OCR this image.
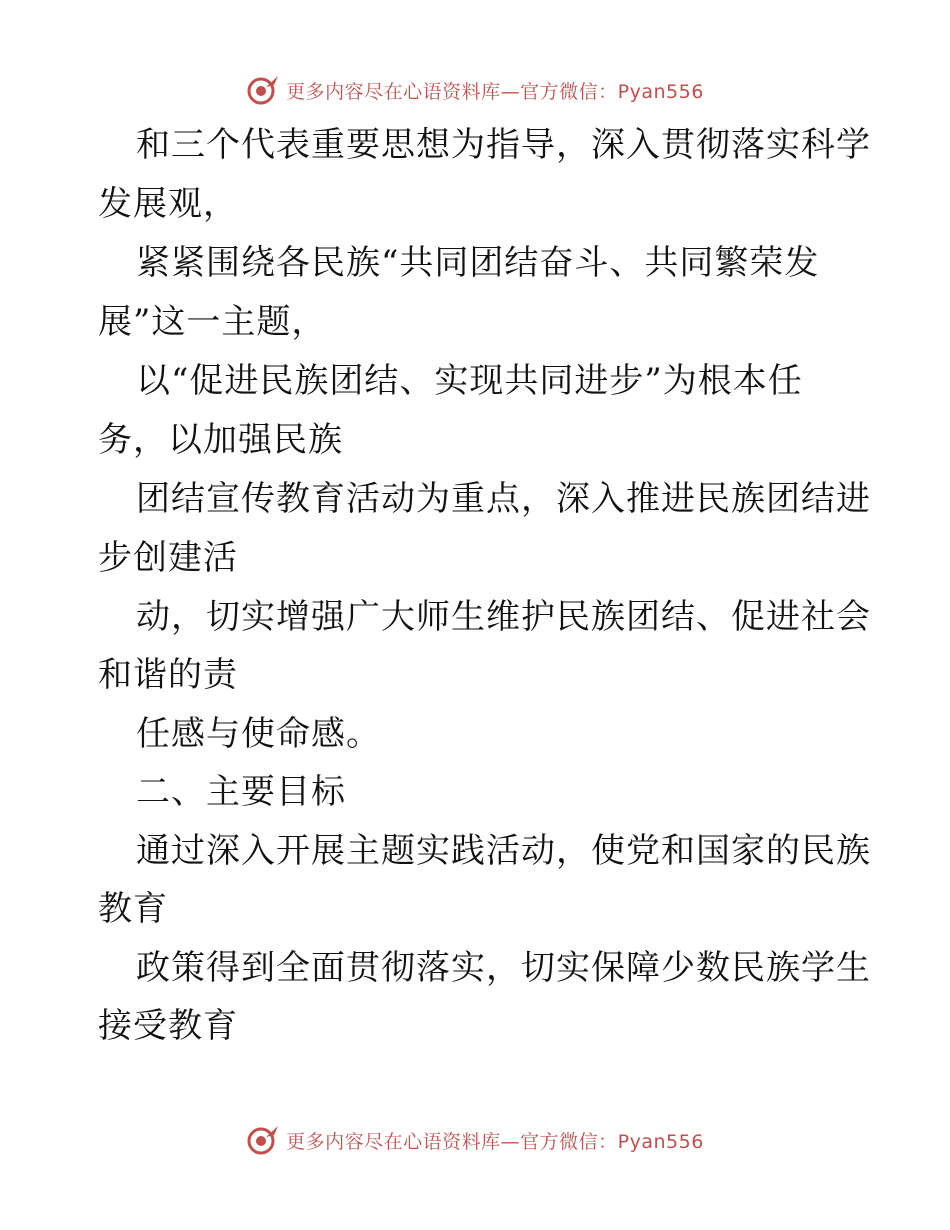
更多内容尽在心语资料库—官方微信：Pyan556
和三个代表重要思想为指导，深入贯彻落实科学
发展观，
紧紧围绕各民族“共同团结奋斗、共同繁荣发
展”这一主题，
以“促进民族团结、实现共同进步”为根本任
务，以加强民族
团结宣传教育活动为重点，深入推进民族团结进
步创建活
动，切实增强广大师生维护民族团结、促进社会
和谐的责
任感与使命感。
二、主要目标
通过深入开展主题实践活动，使党和国家的民族
教育
政策得到全面贯彻落实，切实保障少数民族学生
接受教育
更多内容尽在心语资料库—官方微信：Pyan556
